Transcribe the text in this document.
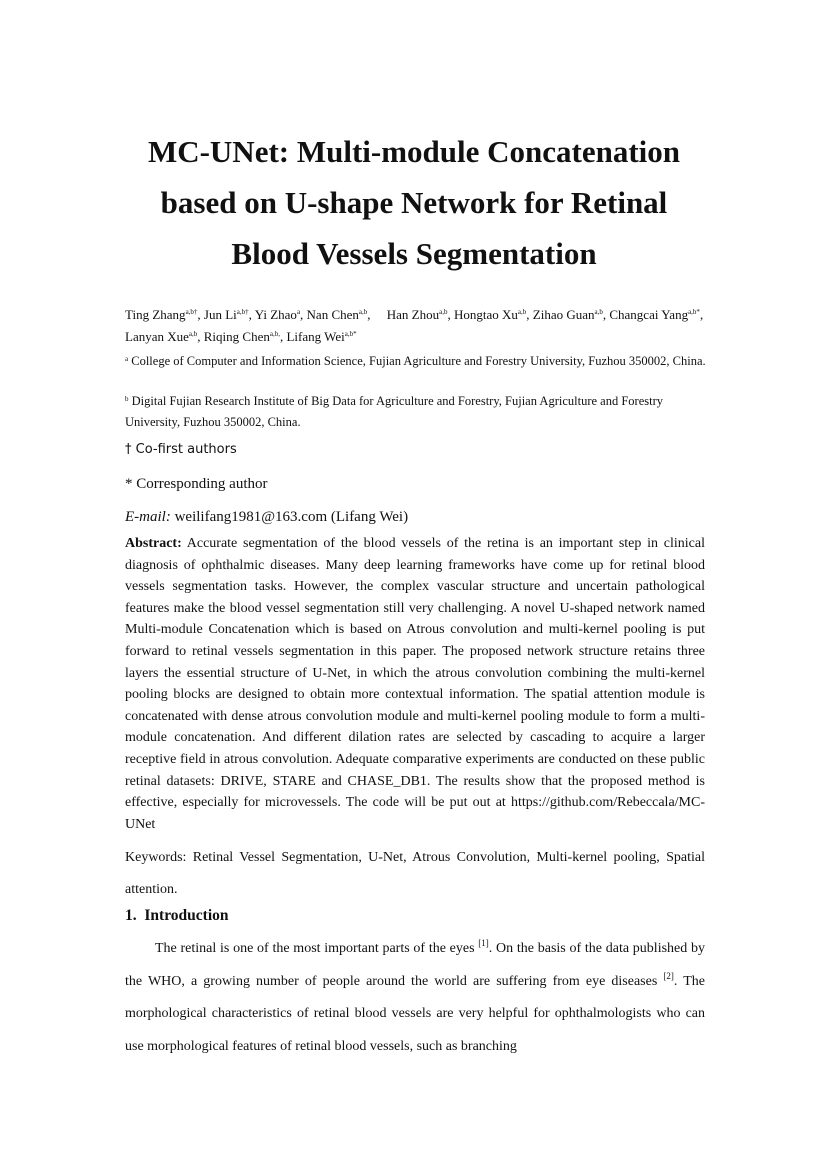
MC-UNet: Multi-module Concatenation
based on U-shape Network for Retinal
Blood Vessels Segmentation
Ting Zhang$^{a,b\dagger}$, Jun $Li^{a,b\dagger}$, Yi Zhao$^a$, Nan Chen$^{a,b}$,     Han Zhou$^{a,b}$, Hongtao Xu$^{a,b}$, Zihao Guan$^{a,b}$, Changcai Yang$^{a,b*}$, Lanyan Xue$^{a,b}$, Riqing Chen$^{a,b,}$, Lifang Wei$^{a,b*}$
$^a$ College of Computer and Information Science, Fujian Agriculture and Forestry University, Fuzhou 350002, China.
$^b$ Digital Fujian Research Institute of Big Data for Agriculture and Forestry, Fujian Agriculture and Forestry University, Fuzhou 350002, China.
† Co-first authors
* Corresponding author
E-mail: weilifang1981@163.com (Lifang Wei)
Abstract: Accurate segmentation of the blood vessels of the retina is an important step in clinical diagnosis of ophthalmic diseases. Many deep learning frameworks have come up for retinal blood vessels segmentation tasks. However, the complex vascular structure and uncertain pathological features make the blood vessel segmentation still very challenging. A novel U-shaped network named Multi-module Concatenation which is based on Atrous convolution and multi-kernel pooling is put forward to retinal vessels segmentation in this paper. The proposed network structure retains three layers the essential structure of U-Net, in which the atrous convolution combining the multi-kernel pooling blocks are designed to obtain more contextual information. The spatial attention module is concatenated with dense atrous convolution module and multi-kernel pooling module to form a multi-module concatenation. And different dilation rates are selected by cascading to acquire a larger receptive field in atrous convolution. Adequate comparative experiments are conducted on these public retinal datasets: DRIVE, STARE and CHASE_DB1. The results show that the proposed method is effective, especially for microvessels. The code will be put out at https://github.com/Rebeccala/MC-UNet
Keywords: Retinal Vessel Segmentation, U-Net, Atrous Convolution, Multi-kernel pooling, Spatial attention.
1.  Introduction
The retinal is one of the most important parts of the eyes [1]. On the basis of the data published by the WHO, a growing number of people around the world are suffering from eye diseases [2]. The morphological characteristics of retinal blood vessels are very helpful for ophthalmologists who can use morphological features of retinal blood vessels, such as branching
